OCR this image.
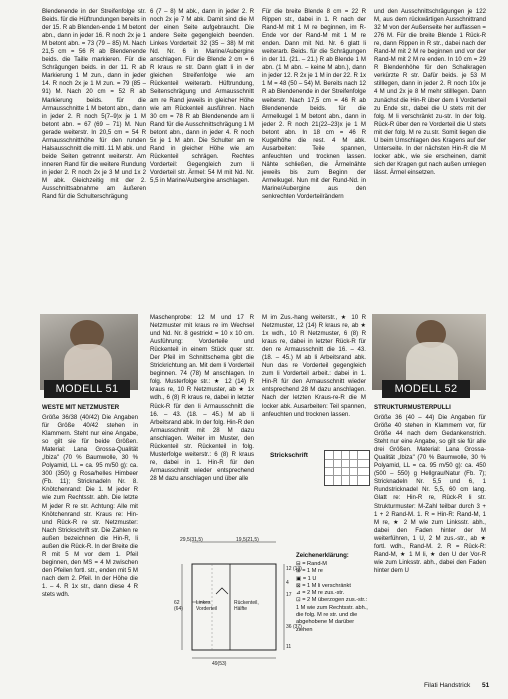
Blendenende in der Streifenfolge str. Beids. für die Hüftrundungen bereits in der 15. R ab Blenden-ende 1 M betont abn., dann in jeder 16. R noch 2x je 1 M betont abn. = 73 (79 – 85) M. Nach 21,5 cm = 56 R ab Blendenende beids. die Taille markieren. Für die Schrägungen beids. in der 11. R ab Markierung 1 M zun., dann in jeder 14. R noch 2x je 1 M zun. = 79 (85 – 91) M. Nach 20 cm = 52 R ab Markierung beids. für die Armausschnitte 1 M betont abn., dann in jeder 2. R noch 5(7–9)x je 1 M betont abn. = 67 (69 – 71) M. Nun gerade weiterstr. In 20,5 cm = 54 R Armausschnitthöhe für den runden Halsausschnitt die mittl. 11 M abk. und beide Seiten getrennt weiterstr. Am inneren Rand für die weitere Rundung in jeder 2. R noch 2x je 3 M und 1x 2 M abk. Gleichzeitig mit der 2. Ausschnittsabnahme am äußeren Rand für die Schulterschrägung
6 (7 – 8) M abk., dann in jeder 2. R noch 2x je 7 M abk. Damit sind die M der einen Seite aufgebraucht. Die andere Seite gegengleich beenden. Linkes Vorderteil: 32 (35 – 38) M mit Nd. Nr. 6 in Marine/Aubergine anschlagen. Für die Blende 2 cm = 6 R kraus re str. Dann glatt li in der gleichen Streifenfolge wie am Rückenteil weiterarb. Hüftrundung, Seitenschrägung und Armausschnitt am re Rand jeweils in gleicher Höhe wie am Rückenteil ausführen. Nach 30 cm = 78 R ab Blendenende am li Rand für die Ausschnittschrägung 1 M betont abn., dann in jeder 4. R noch 5x je 1 M abn. Die Schulter am re Rand in gleicher Höhe wie am Rückenteil schrägen. Rechtes Vorderteil: Gegengleich zum li Vorderteil str. Ärmel: 54 M mit Nd. Nr. 5,5 in Marine/Aubergine anschlagen.
Für die breite Blende 8 cm = 22 R Rippen str., dabei in 1. R nach der Rand-M mit 1 M re beginnen, im R-Ende vor der Rand-M mit 1 M re enden. Dann mit Nd. Nr. 6 glatt li weiterarb. Beids. für die Schrägungen in der 11. (21. – 21.) R ab Blende 1 M abn. (1 M abn. – keine M abn.), dann in jeder 12. R 2x je 1 M in der 22. R 1x 1 M = 48 (50 – 54) M. Bereits nach 12 R ab Blendenende in der Streifenfolge weiterstr. Nach 17,5 cm = 46 R ab Blendenende beids. für die Armelkugel 1 M betont abn., dann in jeder 2. R noch 21(22–23)x je 1 M betont abn. In 18 cm = 46 R Kugelhöhe die rest. 4 M abk. Ausarbeiten: Teile spannen, anfeuchten und trocknen lassen. Nähte schließen, die Ärmelnähte jeweils bis zum Beginn der Armelkugel. Nun mit der Rund-Nd. in Marine/Aubergine aus den senkrechten Vorderteilrändern
und den Ausschnittschrägungen je 122 M, aus dem rückwärtigen Ausschnittrand 32 M von der Außenseite her auffassen = 276 M. Für die breite Blende 1 Rück-R re, dann Rippen in R str., dabei nach der Rand-M mit 2 M re beginnen und vor der Rand-M mit 2 M re enden. In 10 cm = 29 R Blendenhöhe für den Schalkragen verkürzte R str. Dafür beids. je 53 M stilllegen, dann in jeder 2. R noch 10x je 4 M und 2x je 8 M mehr stilllegen. Dann zunächst die Hin-R über dem li Vorderteil zu Ende str., dabei die U stets mit der folg. M li verschränkt zu-str. In der folg. Rück-R über den re Vorderteil die U stets mit der folg. M re zu.str. Somit liegen die U beim Umschlagen des Kragens auf der Unterseite. In der nächsten Hin-R die M locker abk., wie sie erscheinen, damit sich der Kragen gut nach außen umlegen lässt. Ärmel einsetzen.
MODELL 51	MODELL 52
WESTE MIT NETZMUSTER
Größe 36/38 (40/42) Die Angaben für Größe 40/42 stehen in Klammern. Steht nur eine Angabe, so gilt sie für beide Größen. Material: Lana Grossa-Qualität „Ibiza" (70 % Baumwolle, 30 % Polyamid, LL = ca. 95 m/50 g): ca. 300 (350) g Rosa/helles Himbeer (Fb. 11); Stricknadeln Nr. 8. Knötchenrand: Die 1. M jeder R wie zum Rechtsstr. abh. Die letzte M jeder R re str. Achtung: Alle mit Knötchenrand str. Kraus re: Hin- und Rück-R re str. Netzmuster: Nach Strickschrift str. Die Zahlen re außen bezeichnen die Hin-R, li außen die Rück-R. In der Breite die R mit 5 M vor dem 1. Pfeil beginnen, den MS = 4 M zwischen den Pfeilen fortl. str., enden mit 5 M nach dem 2. Pfeil. In der Höhe die 1. – 4. R 1x str., dann diese 4 R stets wdh.
Maschenprobe: 12 M und 17 R Netzmuster mit kraus re im Wechsel und Nd. Nr. 8 gestrickt = 10 x 10 cm. Ausführung: Vorderteile und Rückenteil in einem Stück quer str. Der Pfeil im Schnittschema gibt die Strickrichtung an. Mit dem li Vorderteil beginnen. 74 (78) M anschlagen. In folg. Musterfolge str.: ★ 12 (14) R kraus re, 10 R Netzmuster, ab ★ 1x wdh., 6 (8) R kraus re, dabei in letzter Rück-R für den li Armausschnitt die 16. – 43. (18. – 45.) M ab li Arbeitsrand abk. In der folg. Hin-R den Armausschnitt mit 28 M dazu anschlagen. Weiter im Muster, den Rückenteil str. Rückenteil in folg. Musterfolge weiterstr.: 6 (8) R kraus re, dabei in 1. Hin-R für den Armausschnitt wieder entsprechend 28 M dazu anschlagen und über alle
M im Zus.-hang weiterstr., ★ 10 R Netzmuster, 12 (14) R kraus re, ab ★ 1x wdh., 10 R Netzmuster, 6 (8) R kraus re, dabei in letzter Rück-R für den re Armausschnitt die 16. – 43. (18. – 45.) M ab li Arbeitsrand abk. Nun das re Vorderteil gegengleich zum li Vorderteil arbeit.: dabei in 1. Hin-R für den Armausschnitt wieder entsprechend 28 M dazu anschlagen. Nach der letzten Kraus-re-R die M locker abk. Ausarbeiten: Teil spannen, anfeuchten und trocknen lassen.
STRUKTURMUSTERPULLI
Größe 36 (40 – 44) Die Angaben für Größe 40 stehen in Klammern vor, für Größe 44 nach dem Gedankenstrich. Steht nur eine Angabe, so gilt sie für alle drei Größen. Material: Lana Grossa-Qualität „Ibiza" (70 % Baumwolle, 30 % Polyamid, LL = ca. 95 m/50 g): ca. 450 (500 – 550) g Hellgrau/Natur (Fb. 7); Stricknadeln Nr. 5,5 und 6, 1 Rundstricknadel Nr. 5,5, 60 cm lang. Glatt re: Hin-R re, Rück-R li str. Strukturmuster: M-Zahl teilbar durch 3 + 1 + 2 Rand-M. 1. R = Hin-R: Rand-M, 1 M re, ★ 2 M wie zum Linksstr. abh., dabei den Faden hinter der M weiterführen, 1 U, 2 M zus.-str., ab ★ fortl. wdh., Rand-M. 2. R = Rück-R: Rand-M, ★ 1 M li, ★ den U der Vor-R wie zum Linksstr. abh., dabei den Faden hinter dem U
Strickschrift
Zeichenerklärung:
⊟ = Rand-M
⊞ = 1 M re
▣ = 1 U
⊠ = 1 M li verschränkt
⊿ = 2 M re zus.-str.
⊡ = 2 M überzogen zus.-str.: 1 M wie zum Rechtsstr. abh., die folg. M re str. und die abgehobene M darüber ziehen
29,5(31,5)	19,5(21,5)
49(53)
Linkes Vorderteil
Rückenteil, Hälfte
62 (64)
12 (13)
4
17
36 (37)
11
Filati Handstrick 51
